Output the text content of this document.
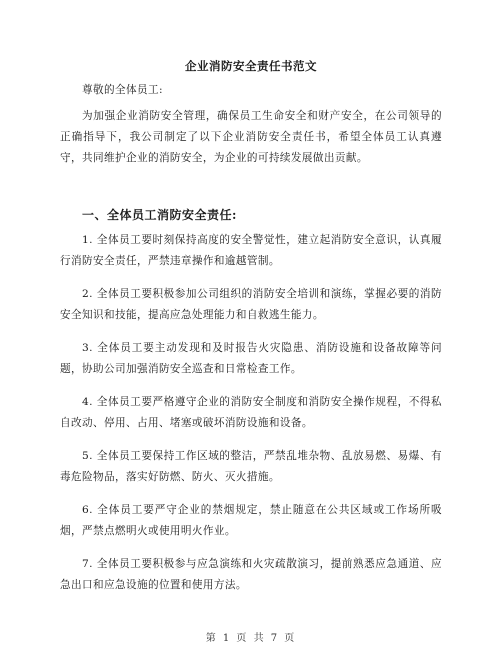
企业消防安全责任书范文
尊敬的全体员工:
为加强企业消防安全管理，确保员工生命安全和财产安全，在公司领导的正确指导下，我公司制定了以下企业消防安全责任书，希望全体员工认真遵守，共同维护企业的消防安全，为企业的可持续发展做出贡献。
一、全体员工消防安全责任:
1. 全体员工要时刻保持高度的安全警觉性，建立起消防安全意识，认真履行消防安全责任，严禁违章操作和逾越管制。
2. 全体员工要积极参加公司组织的消防安全培训和演练，掌握必要的消防安全知识和技能，提高应急处理能力和自救逃生能力。
3. 全体员工要主动发现和及时报告火灾隐患、消防设施和设备故障等问题，协助公司加强消防安全巡查和日常检查工作。
4. 全体员工要严格遵守企业的消防安全制度和消防安全操作规程，不得私自改动、停用、占用、堵塞或破坏消防设施和设备。
5. 全体员工要保持工作区域的整洁，严禁乱堆杂物、乱放易燃、易爆、有毒危险物品，落实好防燃、防火、灭火措施。
6. 全体员工要严守企业的禁烟规定，禁止随意在公共区域或工作场所吸烟，严禁点燃明火或使用明火作业。
7. 全体员工要积极参与应急演练和火灾疏散演习，提前熟悉应急通道、应急出口和应急设施的位置和使用方法。
第 1 页 共 7 页
